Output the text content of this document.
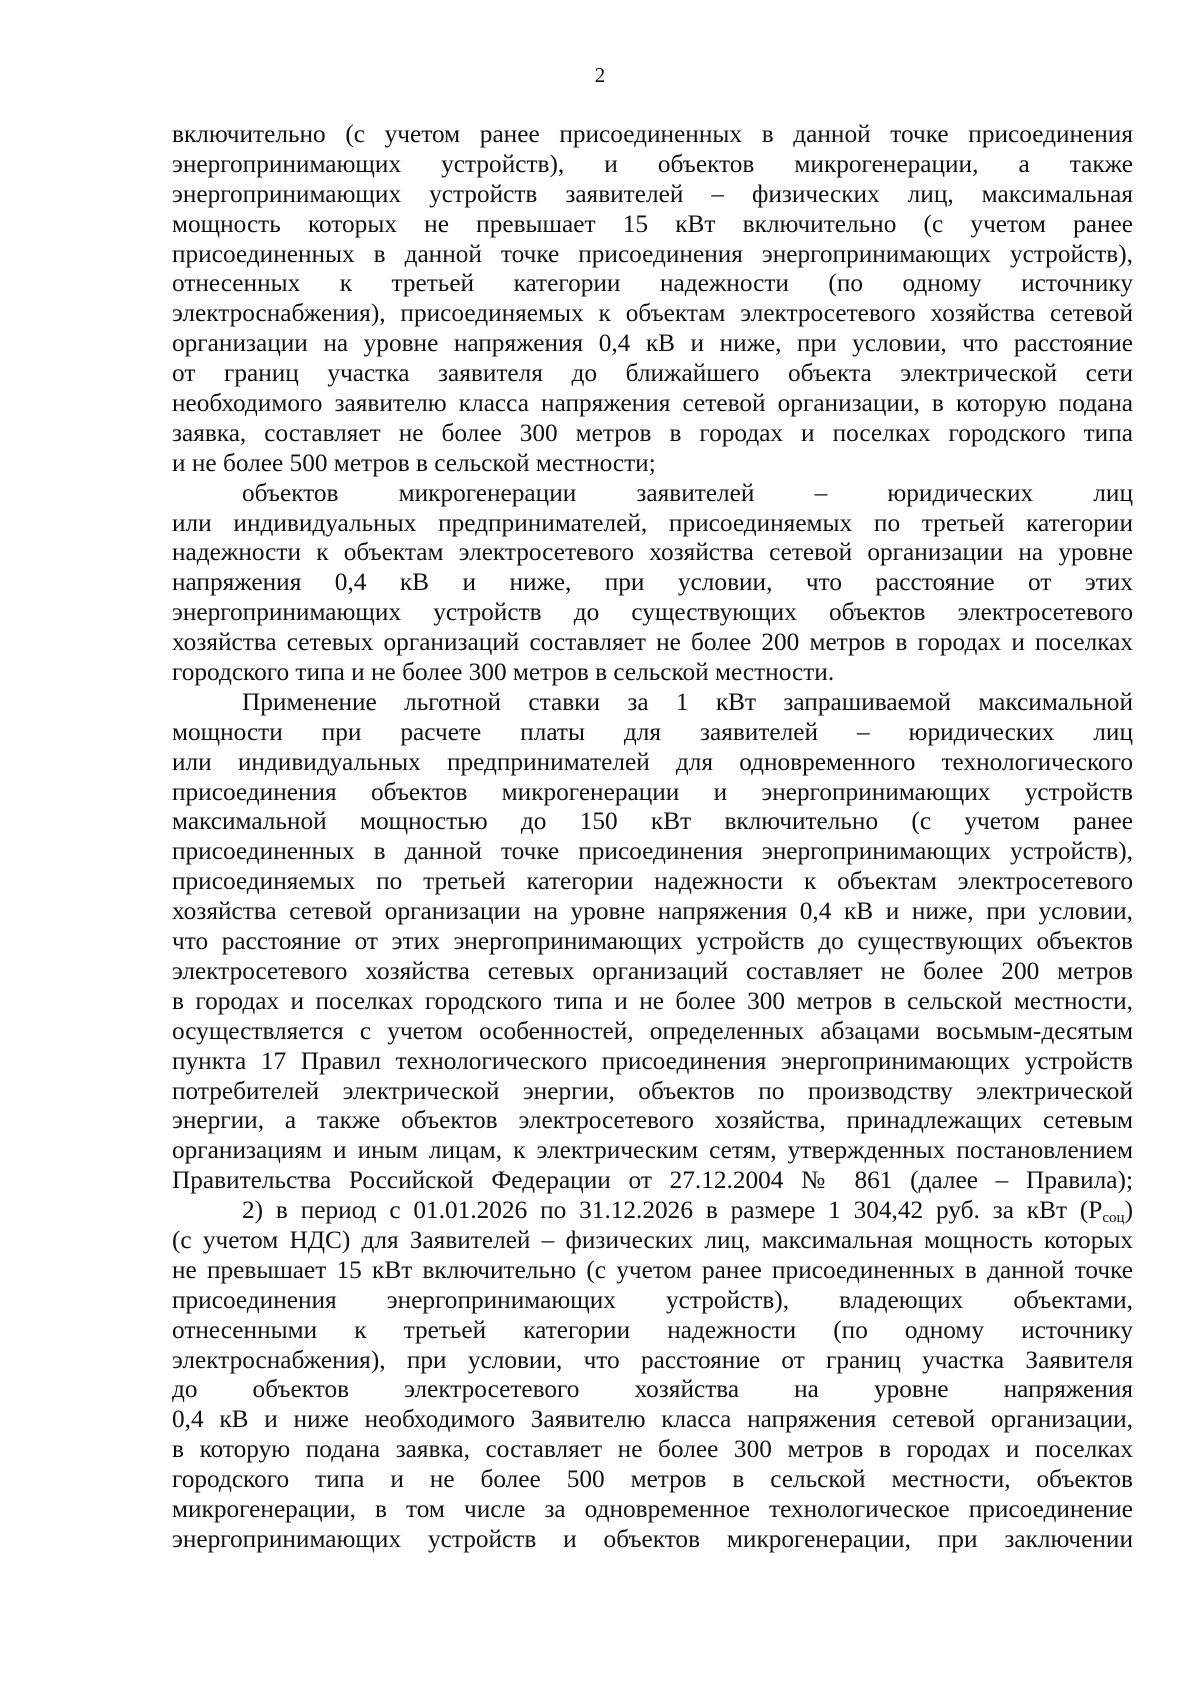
2
включительно (с учетом ранее присоединенных в данной точке присоединения
энергопринимающих устройств), и объектов микрогенерации, а также
энергопринимающих устройств заявителей – физических лиц, максимальная
мощность которых не превышает 15 кВт включительно (с учетом ранее
присоединенных в данной точке присоединения энергопринимающих устройств),
отнесенных к третьей категории надежности (по одному источнику
электроснабжения), присоединяемых к объектам электросетевого хозяйства сетевой
организации на уровне напряжения 0,4 кВ и ниже, при условии, что расстояние
от границ участка заявителя до ближайшего объекта электрической сети
необходимого заявителю класса напряжения сетевой организации, в которую подана
заявка, составляет не более 300 метров в городах и поселках городского типа
и не более 500 метров в сельской местности;
объектов микрогенерации заявителей – юридических лиц
или индивидуальных предпринимателей, присоединяемых по третьей категории
надежности к объектам электросетевого хозяйства сетевой организации на уровне
напряжения 0,4 кВ и ниже, при условии, что расстояние от этих
энергопринимающих устройств до существующих объектов электросетевого
хозяйства сетевых организаций составляет не более 200 метров в городах и поселках
городского типа и не более 300 метров в сельской местности.
Применение льготной ставки за 1 кВт запрашиваемой максимальной
мощности при расчете платы для заявителей – юридических лиц
или индивидуальных предпринимателей для одновременного технологического
присоединения объектов микрогенерации и энергопринимающих устройств
максимальной мощностью до 150 кВт включительно (с учетом ранее
присоединенных в данной точке присоединения энергопринимающих устройств),
присоединяемых по третьей категории надежности к объектам электросетевого
хозяйства сетевой организации на уровне напряжения 0,4 кВ и ниже, при условии,
что расстояние от этих энергопринимающих устройств до существующих объектов
электросетевого хозяйства сетевых организаций составляет не более 200 метров
в городах и поселках городского типа и не более 300 метров в сельской местности,
осуществляется с учетом особенностей, определенных абзацами восьмым-десятым
пункта 17 Правил технологического присоединения энергопринимающих устройств
потребителей электрической энергии, объектов по производству электрической
энергии, а также объектов электросетевого хозяйства, принадлежащих сетевым
организациям и иным лицам, к электрическим сетям, утвержденных постановлением
Правительства Российской Федерации от 27.12.2004 № 861 (далее – Правила);
2) в период с 01.01.2026 по 31.12.2026 в размере 1 304,42 руб. за кВт $(P_{соц})$
(с учетом НДС) для Заявителей – физических лиц, максимальная мощность которых
не превышает 15 кВт включительно (с учетом ранее присоединенных в данной точке
присоединения энергопринимающих устройств), владеющих объектами,
отнесенными к третьей категории надежности (по одному источнику
электроснабжения), при условии, что расстояние от границ участка Заявителя
до объектов электросетевого хозяйства на уровне напряжения
0,4 кВ и ниже необходимого Заявителю класса напряжения сетевой организации,
в которую подана заявка, составляет не более 300 метров в городах и поселках
городского типа и не более 500 метров в сельской местности, объектов
микрогенерации, в том числе за одновременное технологическое присоединение
энергопринимающих устройств и объектов микрогенерации, при заключении
